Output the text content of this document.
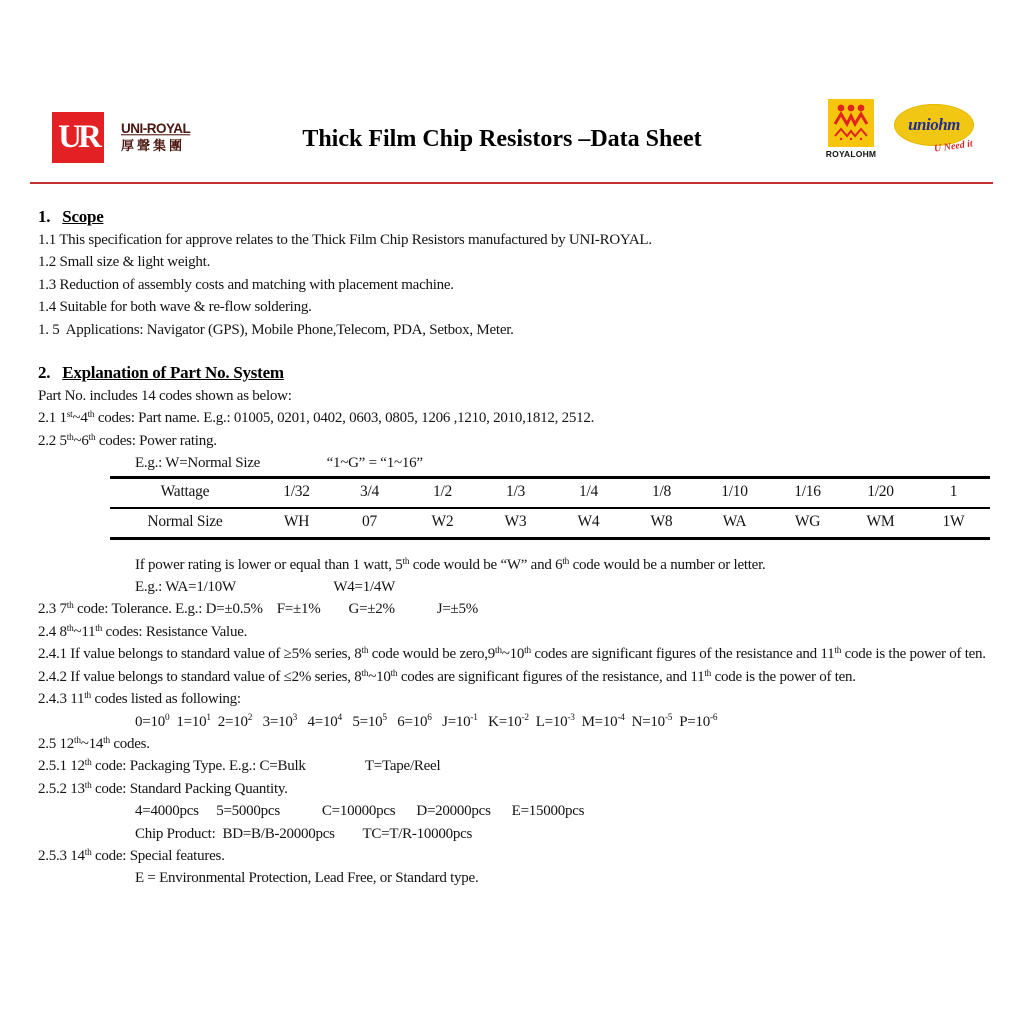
UR UNI-ROYAL
厚聲集團	Thick Film Chip Resistors –Data Sheet
ROYALOHM
uniohm
U Need it
1. Scope

1.1 This specification for approve relates to the Thick Film Chip Resistors manufactured by UNI-ROYAL.

1.2 Small size & light weight.

1.3 Reduction of assembly costs and matching with placement machine.

1.4 Suitable for both wave & re-flow soldering.

1. 5  Applications: Navigator (GPS), Mobile Phone,Telecom, PDA, Setbox, Meter.

2. Explanation of Part No. System

Part No. includes 14 codes shown as below:

2.1 1st~4th codes: Part name. E.g.: 01005, 0201, 0402, 0603, 0805, 1206 ,1210, 2010,1812, 2512.

2.2 5th~6th codes: Power rating.

E.g.: W=Normal Size                   “1~G” = “1~16”

Wattage	1/32	3/4	1/2	1/3	1/4	1/8	1/10	1/16	1/20	1
Normal Size	WH	07	W2	W3	W4	W8	WA	WG	WM	1W

If power rating is lower or equal than 1 watt, 5th code would be “W” and 6th code would be a number or letter.

E.g.: WA=1/10W                            W4=1/4W

2.3 7th code: Tolerance. E.g.: D=±0.5%    F=±1%        G=±2%            J=±5%

2.4 8th~11th codes: Resistance Value.

2.4.1 If value belongs to standard value of ≥5% series, 8th code would be zero,9th~10th codes are significant figures of the resistance and 11th code is the power of ten.

2.4.2 If value belongs to standard value of ≤2% series, 8th~10th codes are significant figures of the resistance, and 11th code is the power of ten.

2.4.3 11th codes listed as following:

$0=10^0$  $1=10^1$  $2=10^2$   $3=10^3$   $4=10^4$   $5=10^5$   $6=10^6$   $J=10^{-1}$   $K=10^{-2}$  $L=10^{-3}$  $M=10^{-4}$  $N=10^{-5}$  $P=10^{-6}$

2.5 12th~14th codes.

2.5.1 12th code: Packaging Type. E.g.: C=Bulk                 T=Tape/Reel

2.5.2 13th code: Standard Packing Quantity.

4=4000pcs     5=5000pcs            C=10000pcs      D=20000pcs      E=15000pcs

Chip Product:  BD=B/B-20000pcs        TC=T/R-10000pcs

2.5.3 14th code: Special features.

E = Environmental Protection, Lead Free, or Standard type.
